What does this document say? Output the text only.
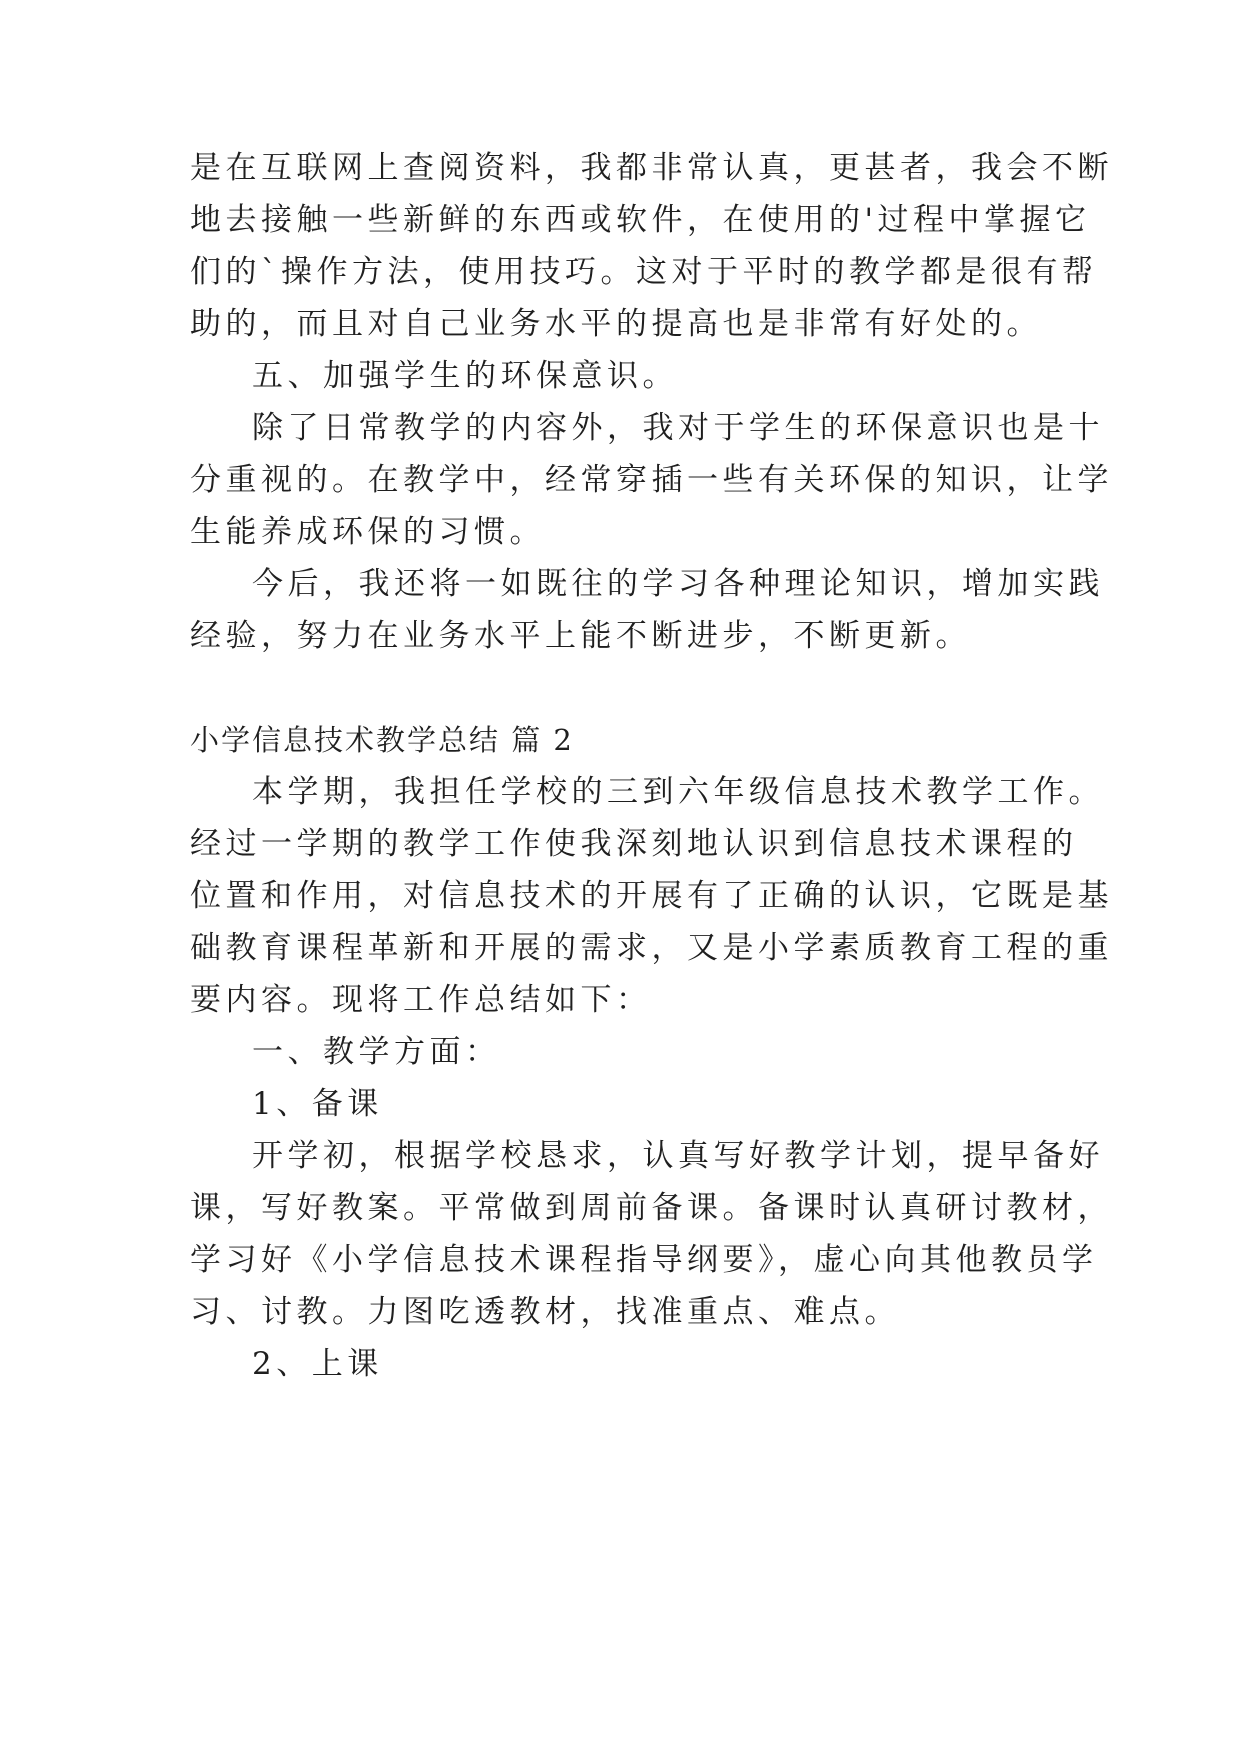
是在互联网上查阅资料，我都非常认真，更甚者，我会不断
地去接触一些新鲜的东西或软件，在使用的'过程中掌握它
们的`操作方法，使用技巧。这对于平时的教学都是很有帮
助的，而且对自己业务水平的提高也是非常有好处的。
五、加强学生的环保意识。
除了日常教学的内容外，我对于学生的环保意识也是十
分重视的。在教学中，经常穿插一些有关环保的知识，让学
生能养成环保的习惯。
今后，我还将一如既往的学习各种理论知识，增加实践
经验，努力在业务水平上能不断进步，不断更新。
小学信息技术教学总结 篇 2
本学期，我担任学校的三到六年级信息技术教学工作。
经过一学期的教学工作使我深刻地认识到信息技术课程的
位置和作用，对信息技术的开展有了正确的认识，它既是基
础教育课程革新和开展的需求，又是小学素质教育工程的重
要内容。现将工作总结如下：
一、教学方面：
1、备课
开学初，根据学校恳求，认真写好教学计划，提早备好
课，写好教案。平常做到周前备课。备课时认真研讨教材，
学习好《小学信息技术课程指导纲要》，虚心向其他教员学
习、讨教。力图吃透教材，找准重点、难点。
2、上课
